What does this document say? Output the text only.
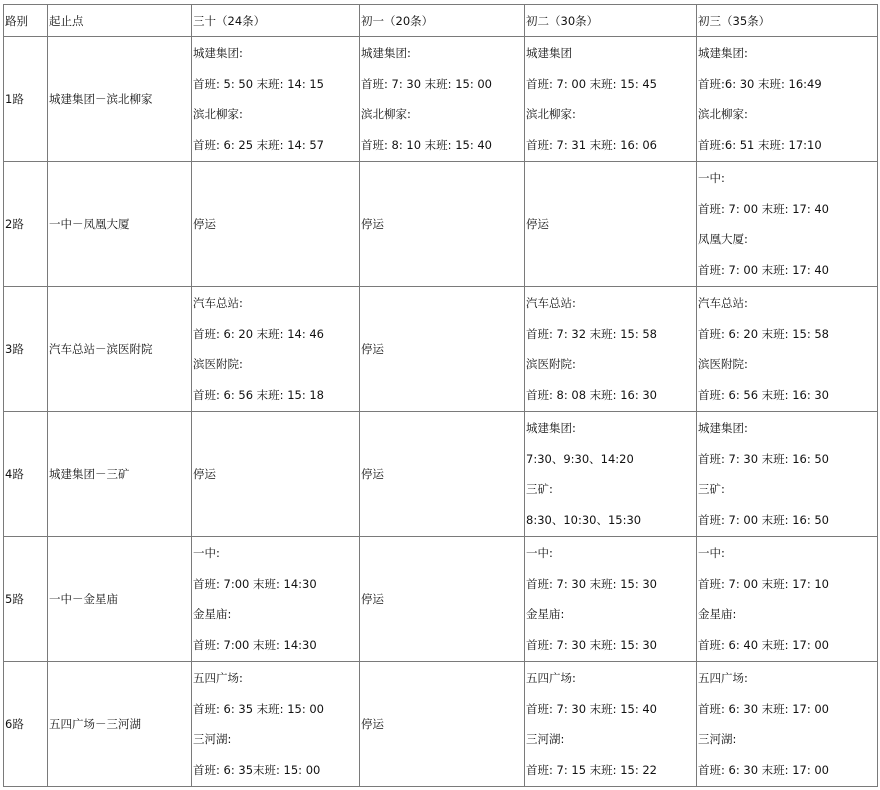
路别	起止点	三十（24条）	初一（20条）	初二（30条）	初三（35条）
1路	城建集团－滨北柳家	城建集团:
首班: 5: 50 末班: 14: 15
滨北柳家:
首班: 6: 25 末班: 14: 57	城建集团:
首班: 7: 30 末班: 15: 00
滨北柳家:
首班: 8: 10 末班: 15: 40	城建集团
首班: 7: 00 末班: 15: 45
滨北柳家:
首班: 7: 31 末班: 16: 06	城建集团:
首班:6: 30 末班: 16:49
滨北柳家:
首班:6: 51 末班: 17:10

2路	一中－凤凰大厦	停运	停运	停运	一中:
首班: 7: 00 末班: 17: 40
凤凰大厦:
首班: 7: 00 末班: 17: 40

3路	汽车总站－滨医附院	汽车总站:
首班: 6: 20 末班: 14: 46
滨医附院:
首班: 6: 56 末班: 15: 18	停运	汽车总站:
首班: 7: 32 末班: 15: 58
滨医附院:
首班: 8: 08 末班: 16: 30	汽车总站:
首班: 6: 20 末班: 15: 58
滨医附院:
首班: 6: 56 末班: 16: 30

4路	城建集团－三矿	停运	停运	城建集团:
7:30、9:30、14:20
三矿:
8:30、10:30、15:30	城建集团:
首班: 7: 30 末班: 16: 50
三矿:
首班: 7: 00 末班: 16: 50

5路	一中－金星庙	一中:
首班: 7:00 末班: 14:30
金星庙:
首班: 7:00 末班: 14:30	停运	一中:
首班: 7: 30 末班: 15: 30
金星庙:
首班: 7: 30 末班: 15: 30	一中:
首班: 7: 00 末班: 17: 10
金星庙:
首班: 6: 40 末班: 17: 00

6路	五四广场－三河湖	五四广场:
首班: 6: 35 末班: 15: 00
三河湖:
首班: 6: 35末班: 15: 00	停运	五四广场:
首班: 7: 30 末班: 15: 40
三河湖:
首班: 7: 15 末班: 15: 22	五四广场:
首班: 6: 30 末班: 17: 00
三河湖:
首班: 6: 30 末班: 17: 00
